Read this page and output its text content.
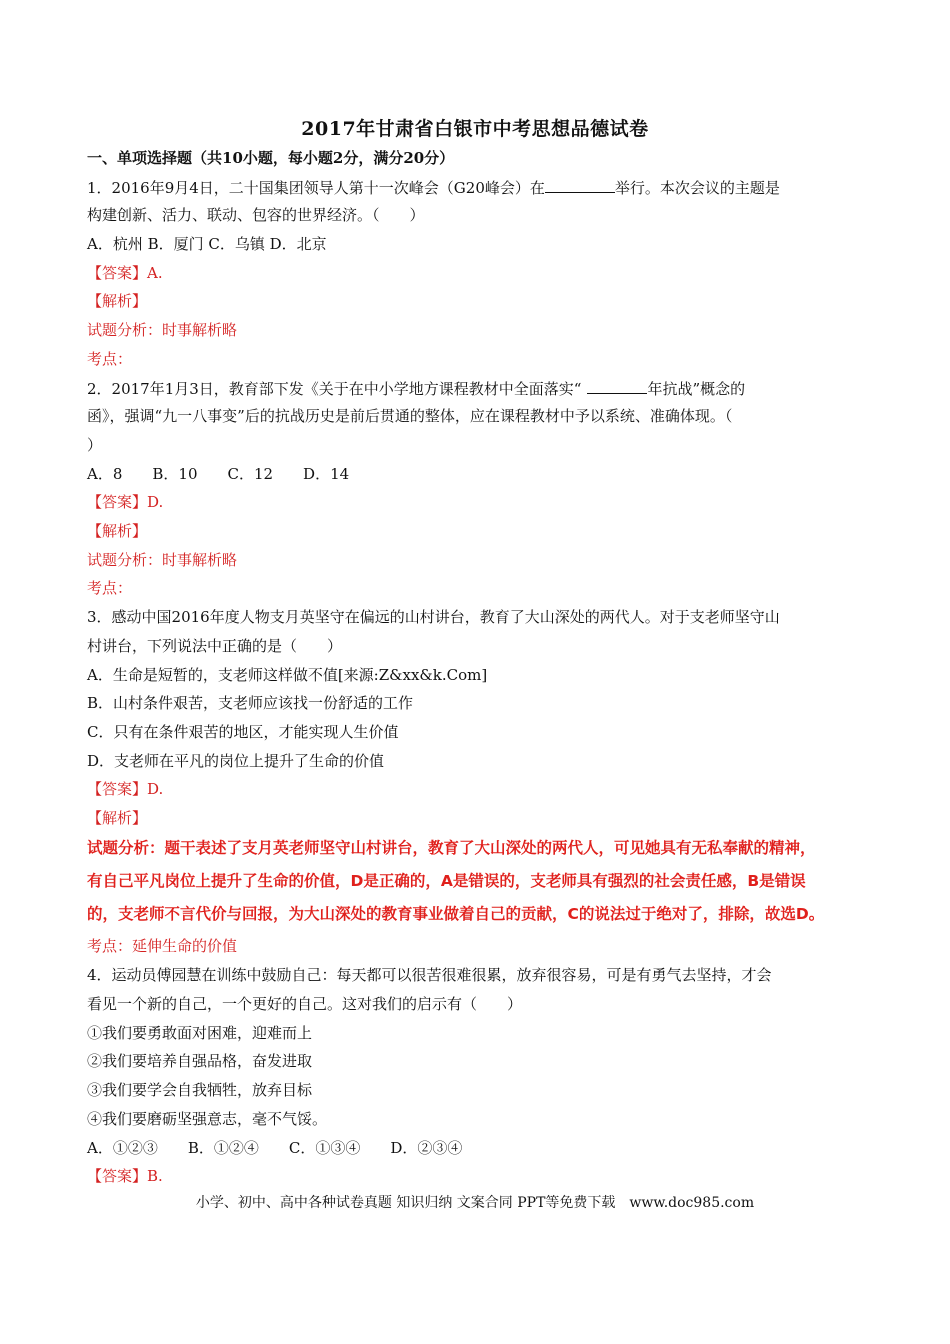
2017年甘肃省白银市中考思想品德试卷
一、单项选择题（共10小题，每小题2分，满分20分）
1．2016年9月4日，二十国集团领导人第十一次峰会（G20峰会）在	举行。本次会议的主题是
构建创新、活力、联动、包容的世界经济。（　　）
A．杭州 B．厦门 C．乌镇 D．北京
【答案】A.
【解析】
试题分析：时事解析略
考点：
2．2017年1月3日，教育部下发《关于在中小学地方课程教材中全面落实“	年抗战”概念的
函》，强调“九一八事变”后的抗战历史是前后贯通的整体，应在课程教材中予以系统、准确体现。（
）
A．8　　B．10　　C．12　　D．14
【答案】D.
【解析】
试题分析：时事解析略
考点：
3．感动中国2016年度人物支月英坚守在偏远的山村讲台，教育了大山深处的两代人。对于支老师坚守山
村讲台，下列说法中正确的是（　　）
A．生命是短暂的，支老师这样做不值[来源:Z&xx&k.Com]
B．山村条件艰苦，支老师应该找一份舒适的工作
C．只有在条件艰苦的地区，才能实现人生价值
D．支老师在平凡的岗位上提升了生命的价值
【答案】D.
【解析】
试题分析：题干表述了支月英老师坚守山村讲台，教育了大山深处的两代人，可见她具有无私奉献的精神，
有自己平凡岗位上提升了生命的价值，D是正确的，A是错误的，支老师具有强烈的社会责任感，B是错误
的，支老师不言代价与回报，为大山深处的教育事业做着自己的贡献，C的说法过于绝对了，排除，故选D。
考点：延伸生命的价值
4．运动员傅园慧在训练中鼓励自己：每天都可以很苦很难很累，放弃很容易，可是有勇气去坚持，才会
看见一个新的自己，一个更好的自己。这对我们的启示有（　　）
①我们要勇敢面对困难，迎难而上
②我们要培养自强品格，奋发进取
③我们要学会自我牺牲，放弃目标
④我们要磨砺坚强意志，毫不气馁。
A．①②③　　B．①②④　　C．①③④　　D．②③④
【答案】B.
小学、初中、高中各种试卷真题 知识归纳 文案合同 PPT等免费下载　www.doc985.com
